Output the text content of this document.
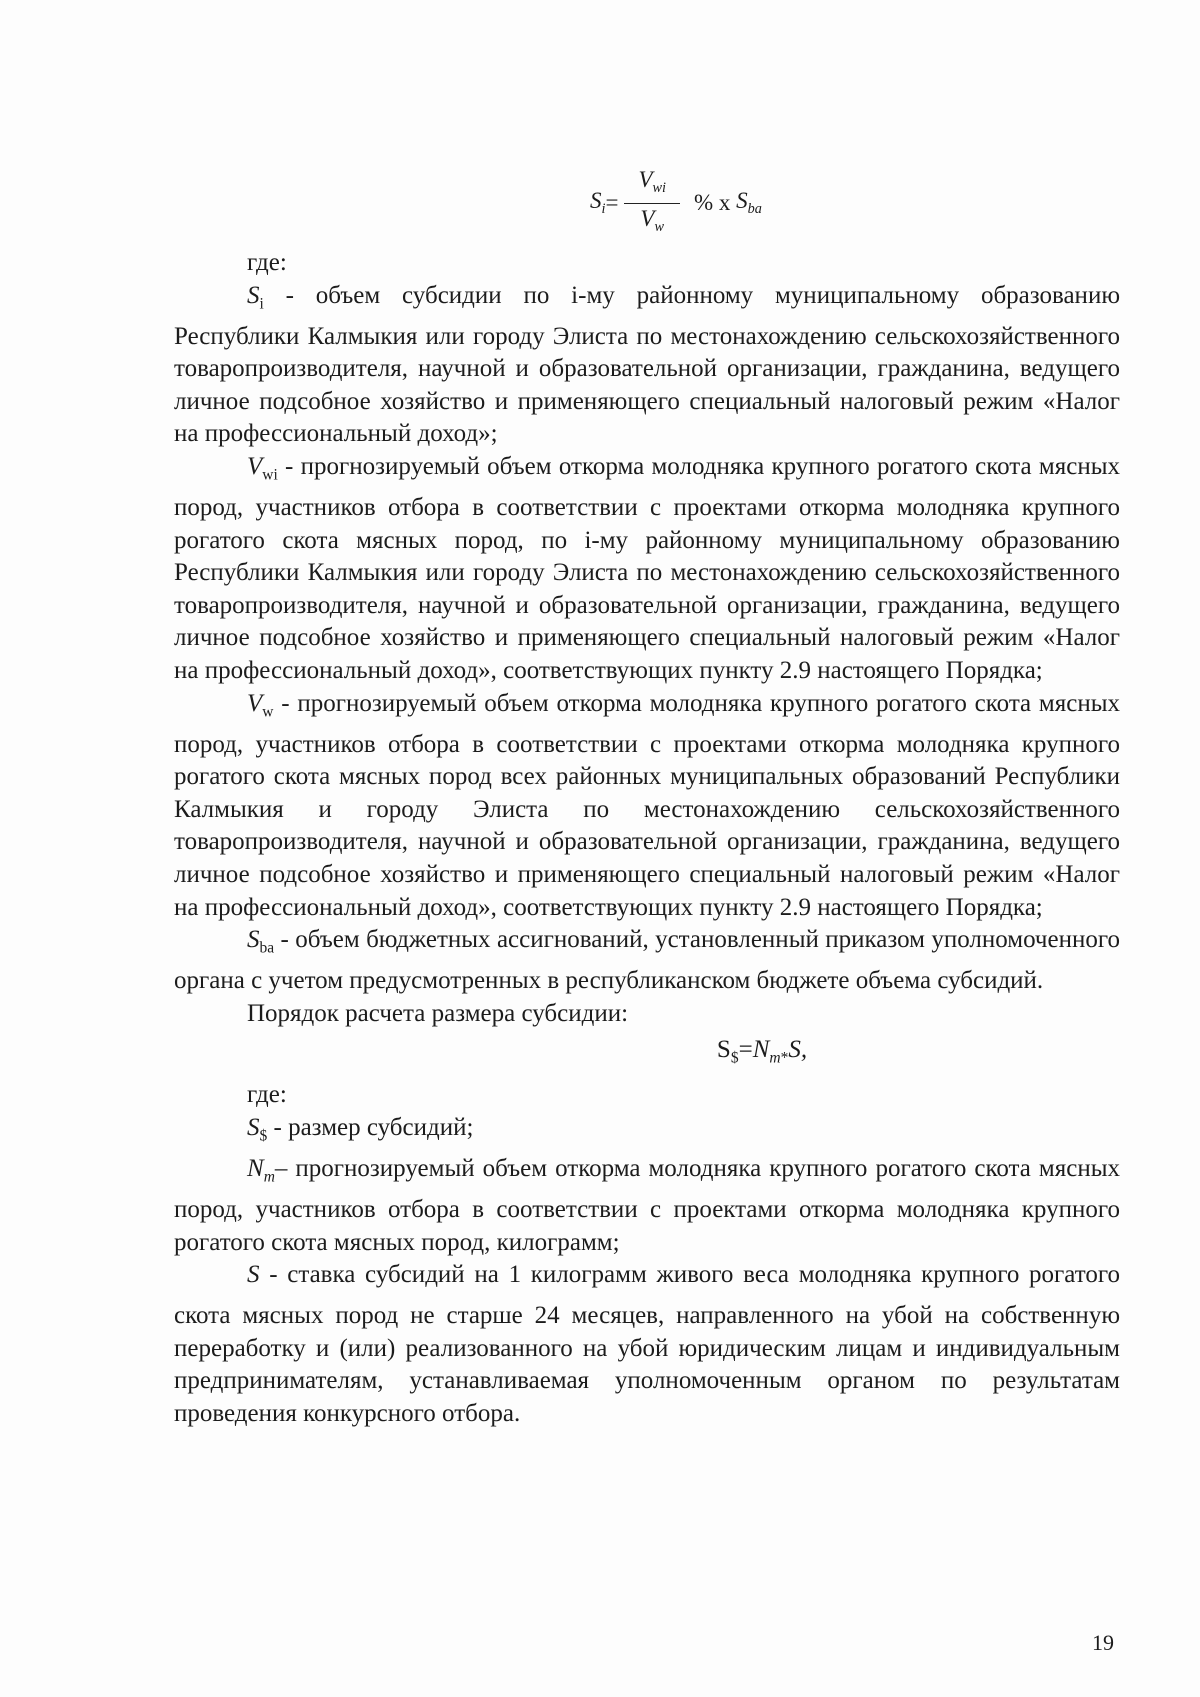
$S_i = \frac{V_{wi}}{V_w}$ % x $S_{ba}$

где:

$S_i$ - объем субсидии по i-му районному муниципальному образованию Республики Калмыкия или городу Элиста по местонахождению сельскохозяйственного товаропроизводителя, научной и образовательной организации, гражданина, ведущего личное подсобное хозяйство и применяющего специальный налоговый режим «Налог на профессиональный доход»;

$V_{wi}$ - прогнозируемый объем откорма молодняка крупного рогатого скота мясных пород, участников отбора в соответствии с проектами откорма молодняка крупного рогатого скота мясных пород, по i-му районному муниципальному образованию Республики Калмыкия или городу Элиста по местонахождению сельскохозяйственного товаропроизводителя, научной и образовательной организации, гражданина, ведущего личное подсобное хозяйство и применяющего специальный налоговый режим «Налог на профессиональный доход», соответствующих пункту 2.9 настоящего Порядка;

$V_w$ - прогнозируемый объем откорма молодняка крупного рогатого скота мясных пород, участников отбора в соответствии с проектами откорма молодняка крупного рогатого скота мясных пород всех районных муниципальных образований Республики Калмыкия и городу Элиста по местонахождению сельскохозяйственного товаропроизводителя, научной и образовательной организации, гражданина, ведущего личное подсобное хозяйство и применяющего специальный налоговый режим «Налог на профессиональный доход», соответствующих пункту 2.9 настоящего Порядка;

$S_{ba}$ - объем бюджетных ассигнований, установленный приказом уполномоченного органа с учетом предусмотренных в республиканском бюджете объема субсидий.

Порядок расчета размера субсидии:

$S_{\$}=N_{m*}S$,

где:

$S_{\$}$ - размер субсидий;

$N_m-$ прогнозируемый объем откорма молодняка крупного рогатого скота мясных пород, участников отбора в соответствии с проектами откорма молодняка крупного рогатого скота мясных пород, килограмм;

S - ставка субсидий на 1 килограмм живого веса молодняка крупного рогатого скота мясных пород не старше 24 месяцев, направленного на убой на собственную переработку и (или) реализованного на убой юридическим лицам и индивидуальным предпринимателям, устанавливаемая уполномоченным органом по результатам проведения конкурсного отбора.

19
